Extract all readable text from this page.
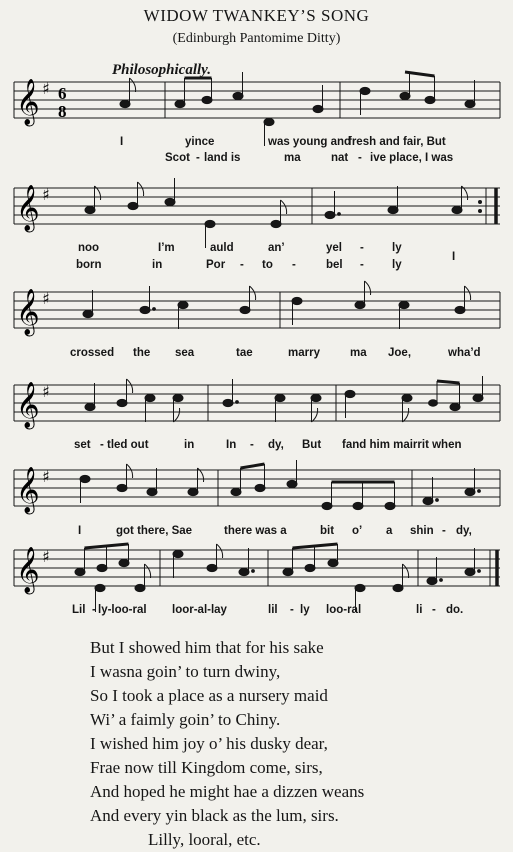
WIDOW TWANKEY’S SONG
(Edinburgh Pantomime Ditty)
Philosophically.
𝄞 ♯ 6
8
I	yince	was young and
fresh and fair, But
Scot - land is	ma	nat - ive place, I was
𝄞 ♯
noo	I’m	auld	an’	yel - ly
I
born	in	Por - to -	bel - ly
𝄞 ♯
crossed the sea	tae	marry	ma Joe,	wha’d
𝄞 ♯
set - tled out	in	In - dy, But fand him mairrit when
𝄞 ♯
I	got there, Sae	there was a	bit o’ a shin - dy,
𝄞 ♯
Lil - ly-loo-ral loor-al-lay	lil - ly loo-ral	li - do.
But I showed him that for his sake
I wasna goin’ to turn dwiny,
So I took a place as a nursery maid
Wi’ a faimly goin’ to Chiny.
I wished him joy o’ his dusky dear,
Frae now till Kingdom come, sirs,
And hoped he might hae a dizzen weans
And every yin black as the lum, sirs.
Lilly, looral, etc.
